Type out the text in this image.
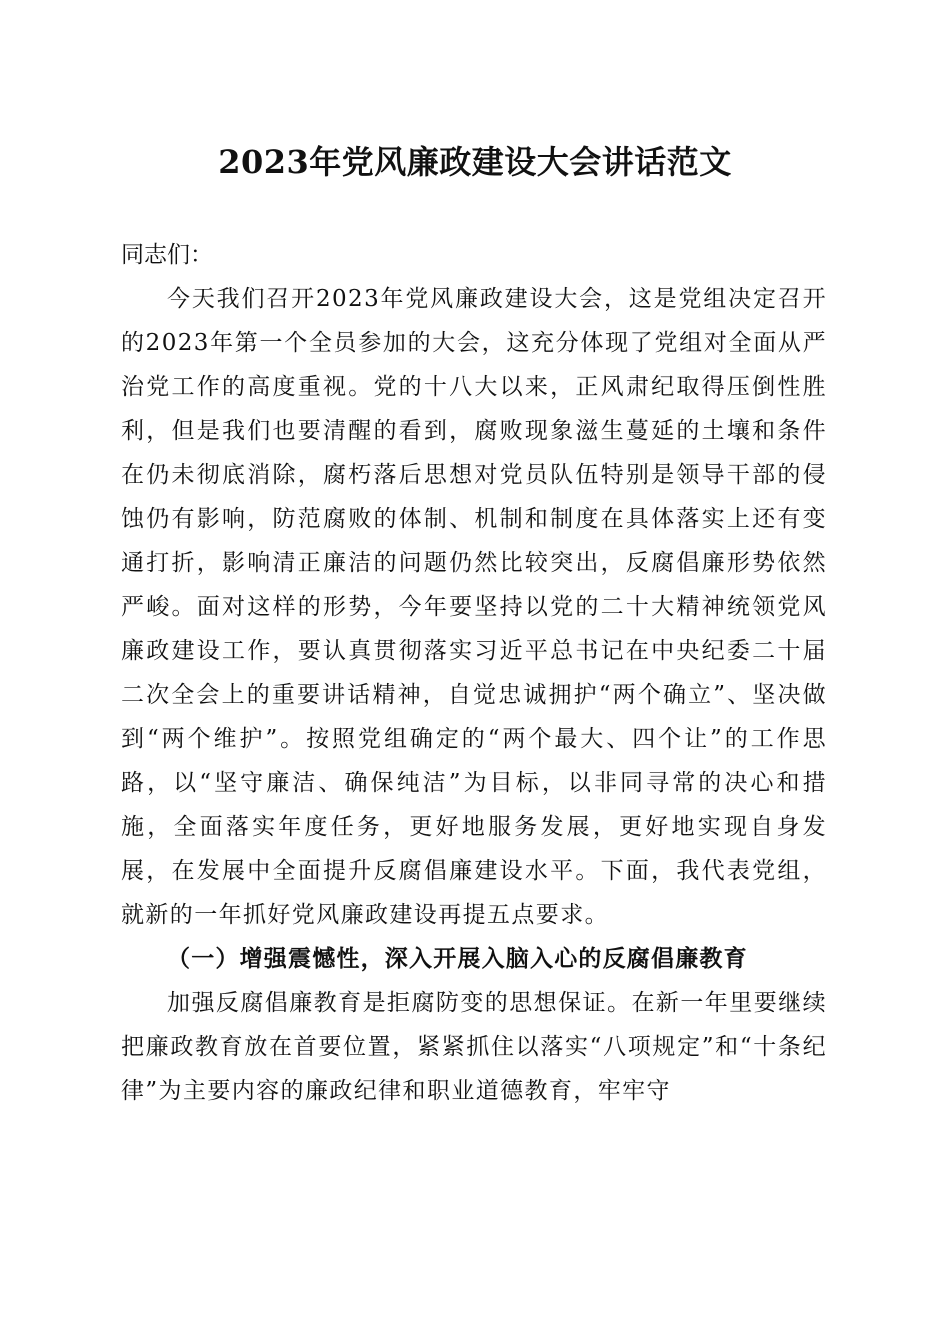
2023年党风廉政建设大会讲话范文

同志们：

今天我们召开2023年党风廉政建设大会，这是党组决定召开的2023年第一个全员参加的大会，这充分体现了党组对全面从严治党工作的高度重视。党的十八大以来，正风肃纪取得压倒性胜利，但是我们也要清醒的看到，腐败现象滋生蔓延的土壤和条件在仍未彻底消除，腐朽落后思想对党员队伍特别是领导干部的侵蚀仍有影响，防范腐败的体制、机制和制度在具体落实上还有变通打折，影响清正廉洁的问题仍然比较突出，反腐倡廉形势依然严峻。面对这样的形势，今年要坚持以党的二十大精神统领党风廉政建设工作，要认真贯彻落实习近平总书记在中央纪委二十届二次全会上的重要讲话精神，自觉忠诚拥护“两个确立”、坚决做到“两个维护”。按照党组确定的“两个最大、四个让”的工作思路，以“坚守廉洁、确保纯洁”为目标，以非同寻常的决心和措施，全面落实年度任务，更好地服务发展，更好地实现自身发展，在发展中全面提升反腐倡廉建设水平。下面，我代表党组，就新的一年抓好党风廉政建设再提五点要求。

（一）增强震憾性，深入开展入脑入心的反腐倡廉教育

加强反腐倡廉教育是拒腐防变的思想保证。在新一年里要继续把廉政教育放在首要位置，紧紧抓住以落实“八项规定”和“十条纪律”为主要内容的廉政纪律和职业道德教育，牢牢守
